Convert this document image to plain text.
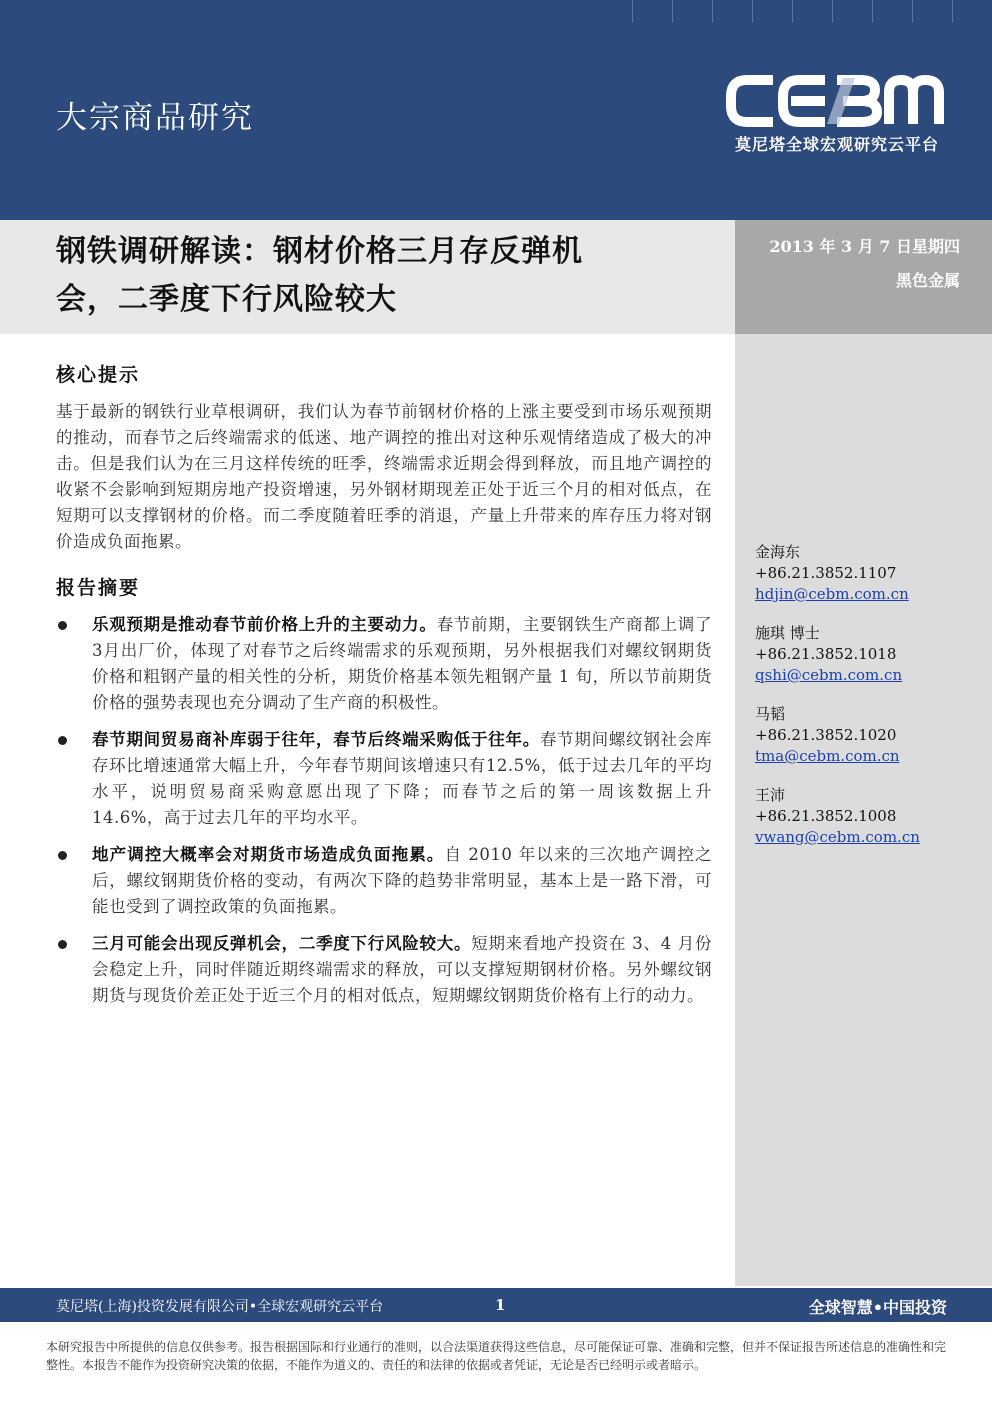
大宗商品研究
莫尼塔全球宏观研究云平台
钢铁调研解读：钢材价格三月存反弹机
会，二季度下行风险较大
2013 年 3 月 7 日星期四
黑色金属
金海东
+86.21.3852.1107
hdjin@cebm.com.cn
施琪 博士
+86.21.3852.1018
qshi@cebm.com.cn
马韬
+86.21.3852.1020
tma@cebm.com.cn
王沛
+86.21.3852.1008
vwang@cebm.com.cn
核心提示

基于最新的钢铁行业草根调研，我们认为春节前钢材价格的上涨主要受到市场乐观预期的推动，而春节之后终端需求的低迷、地产调控的推出对这种乐观情绪造成了极大的冲击。但是我们认为在三月这样传统的旺季，终端需求近期会得到释放，而且地产调控的收紧不会影响到短期房地产投资增速，另外钢材期现差正处于近三个月的相对低点，在短期可以支撑钢材的价格。而二季度随着旺季的消退，产量上升带来的库存压力将对钢价造成负面拖累。

报告摘要
乐观预期是推动春节前价格上升的主要动力。春节前期，主要钢铁生产商都上调了 3月出厂价，体现了对春节之后终端需求的乐观预期，另外根据我们对螺纹钢期货价格和粗钢产量的相关性的分析，期货价格基本领先粗钢产量 1 旬，所以节前期货价格的强势表现也充分调动了生产商的积极性。
春节期间贸易商补库弱于往年，春节后终端采购低于往年。春节期间螺纹钢社会库存环比增速通常大幅上升，今年春节期间该增速只有12.5%，低于过去几年的平均水平，说明贸易商采购意愿出现了下降；而春节之后的第一周该数据上升 14.6%，高于过去几年的平均水平。
地产调控大概率会对期货市场造成负面拖累。自 2010 年以来的三次地产调控之后，螺纹钢期货价格的变动，有两次下降的趋势非常明显，基本上是一路下滑，可能也受到了调控政策的负面拖累。
三月可能会出现反弹机会，二季度下行风险较大。短期来看地产投资在 3、4 月份会稳定上升，同时伴随近期终端需求的释放，可以支撑短期钢材价格。另外螺纹钢期货与现货价差正处于近三个月的相对低点，短期螺纹钢期货价格有上行的动力。
莫尼塔(上海)投资发展有限公司•全球宏观研究云平台	1	全球智慧•中国投资
本研究报告中所提供的信息仅供参考。报告根据国际和行业通行的准则，以合法渠道获得这些信息，尽可能保证可靠、准确和完整，但并不保证报告所述信息的准确性和完整性。本报告不能作为投资研究决策的依据，不能作为道义的、责任的和法律的依据或者凭证，无论是否已经明示或者暗示。
